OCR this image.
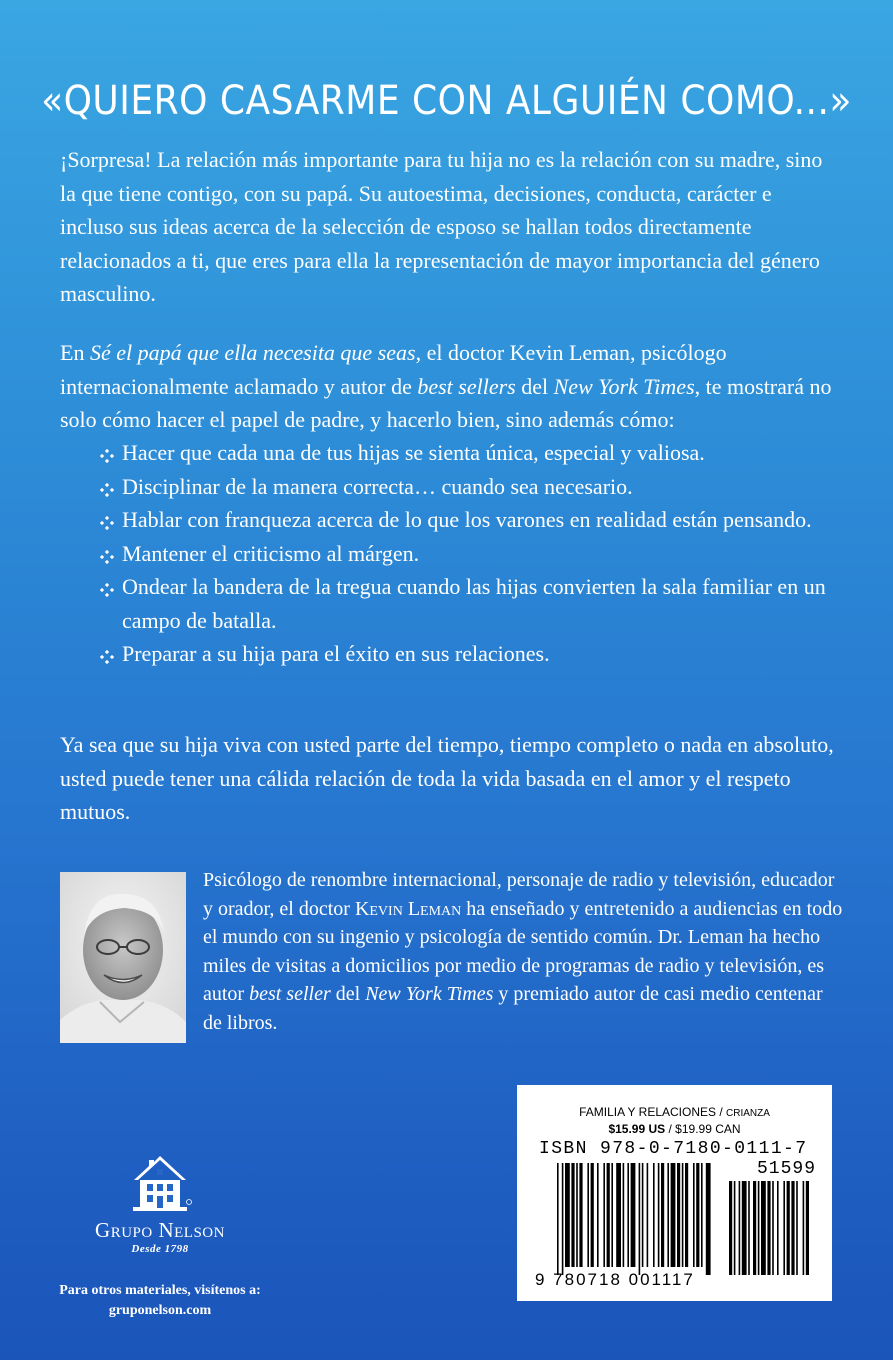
«QUIERO CASARME CON ALGUIÉN COMO...»

¡Sorpresa! La relación más importante para tu hija no es la relación con su madre, sino la que tiene contigo, con su papá. Su autoestima, decisiones, conducta, carácter e incluso sus ideas acerca de la selección de esposo se hallan todos directamente relacionados a ti, que eres para ella la representación de mayor importancia del género masculino.

En Sé el papá que ella necesita que seas, el doctor Kevin Leman, psicólogo internacionalmente aclamado y autor de best sellers del New York Times, te mostrará no solo cómo hacer el papel de padre, y hacerlo bien, sino además cómo:

Hacer que cada una de tus hijas se sienta única, especial y valiosa.
Disciplinar de la manera correcta… cuando sea necesario.
Hablar con franqueza acerca de lo que los varones en realidad están pensando.
Mantener el criticismo al márgen.
Ondear la bandera de la tregua cuando las hijas convierten la sala familiar en un campo de batalla.
Preparar a su hija para el éxito en sus relaciones.

Ya sea que su hija viva con usted parte del tiempo, tiempo completo o nada en absoluto, usted puede tener una cálida relación de toda la vida basada en el amor y el respeto mutuos.

Psicólogo de renombre internacional, personaje de radio y televisión, educador y orador, el doctor Kevin Leman ha enseñado y entretenido a audiencias en todo el mundo con su ingenio y psicología de sentido común. Dr. Leman ha hecho miles de visitas a domicilios por medio de programas de radio y televisión, es autor best seller del New York Times y premiado autor de casi medio centenar de libros.

Grupo Nelson
Desde 1798
Para otros materiales, visítenos a:
gruponelson.com
FAMILIA Y RELACIONES / CRIANZA
$15.99 US / $19.99 CAN
ISBN 978-0-7180-0111-7
51599
9 780718 001117
